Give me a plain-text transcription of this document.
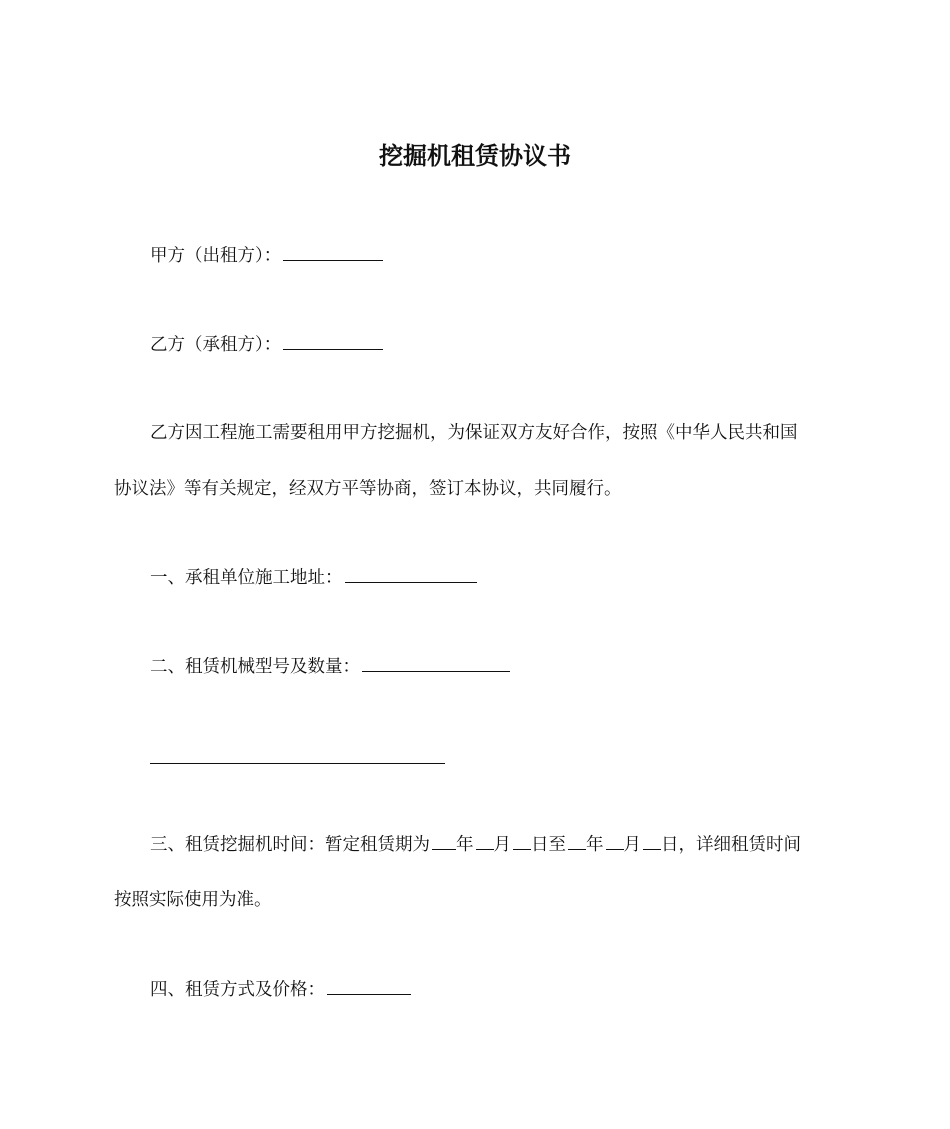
挖掘机租赁协议书
甲方（出租方）：
乙方（承租方）：
乙方因工程施工需要租用甲方挖掘机，为保证双方友好合作，按照《中华人民共和国
协议法》等有关规定，经双方平等协商，签订本协议，共同履行。
一、承租单位施工地址：
二、租赁机械型号及数量：
三、租赁挖掘机时间：暂定租赁期为 年 月 日至 年 月 日，详细租赁时间
按照实际使用为准。
四、租赁方式及价格：
